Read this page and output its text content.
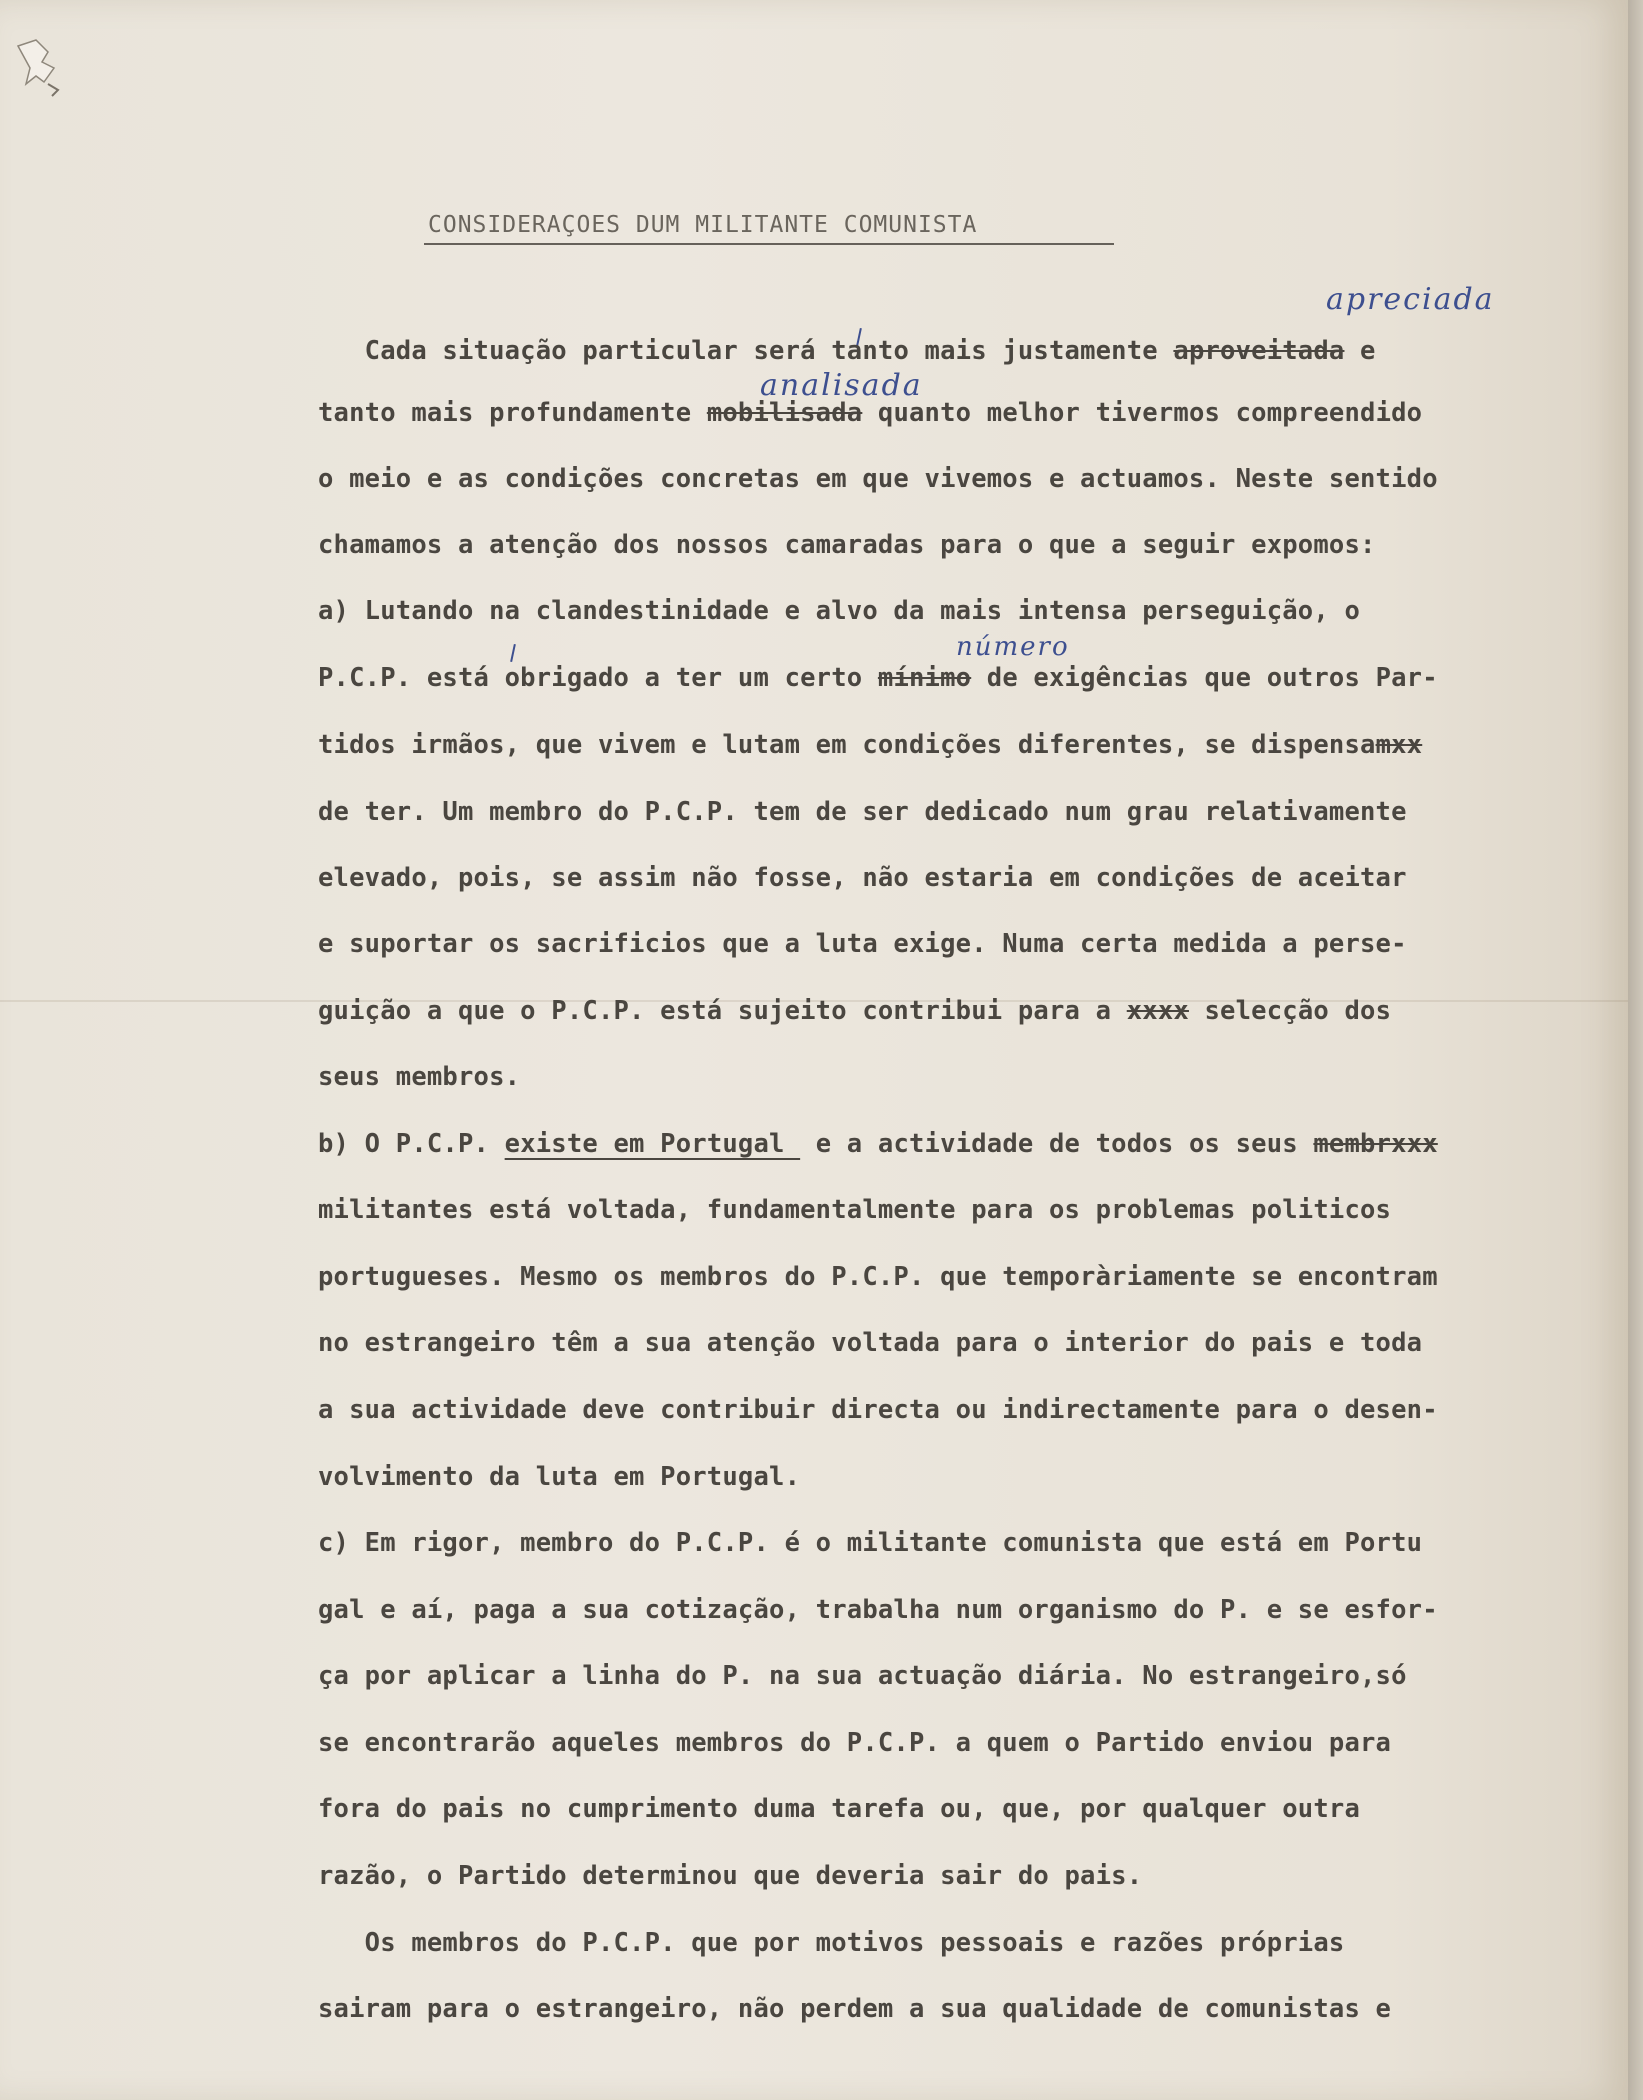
CONSIDERAÇOES DUM MILITANTE COMUNISTA
apreciada
analisada
número
Cada situação particular será tanto mais justamente aproveitada e
tanto mais profundamente mobilisada quanto melhor tivermos compreendido
o meio e as condições concretas em que vivemos e actuamos. Neste sentido
chamamos a atenção dos nossos camaradas para o que a seguir expomos:
a) Lutando na clandestinidade e alvo da mais intensa perseguição, o
P.C.P. está obrigado a ter um certo mínimo de exigências que outros Par-
tidos irmãos, que vivem e lutam em condições diferentes, se dispensamxx
de ter. Um membro do P.C.P. tem de ser dedicado num grau relativamente
elevado, pois, se assim não fosse, não estaria em condições de aceitar
e suportar os sacrificios que a luta exige. Numa certa medida a perse-
guição a que o P.C.P. está sujeito contribui para a xxxx selecção dos
seus membros.
b) O P.C.P. existe em Portugal  e a actividade de todos os seus membrxxx
militantes está voltada, fundamentalmente para os problemas politicos
portugueses. Mesmo os membros do P.C.P. que temporàriamente se encontram
no estrangeiro têm a sua atenção voltada para o interior do pais e toda
a sua actividade deve contribuir directa ou indirectamente para o desen-
volvimento da luta em Portugal.
c) Em rigor, membro do P.C.P. é o militante comunista que está em Portu
gal e aí, paga a sua cotização, trabalha num organismo do P. e se esfor-
ça por aplicar a linha do P. na sua actuação diária. No estrangeiro,só
se encontrarão aqueles membros do P.C.P. a quem o Partido enviou para
fora do pais no cumprimento duma tarefa ou, que, por qualquer outra
razão, o Partido determinou que deveria sair do pais.
Os membros do P.C.P. que por motivos pessoais e razões próprias
sairam para o estrangeiro, não perdem a sua qualidade de comunistas e
